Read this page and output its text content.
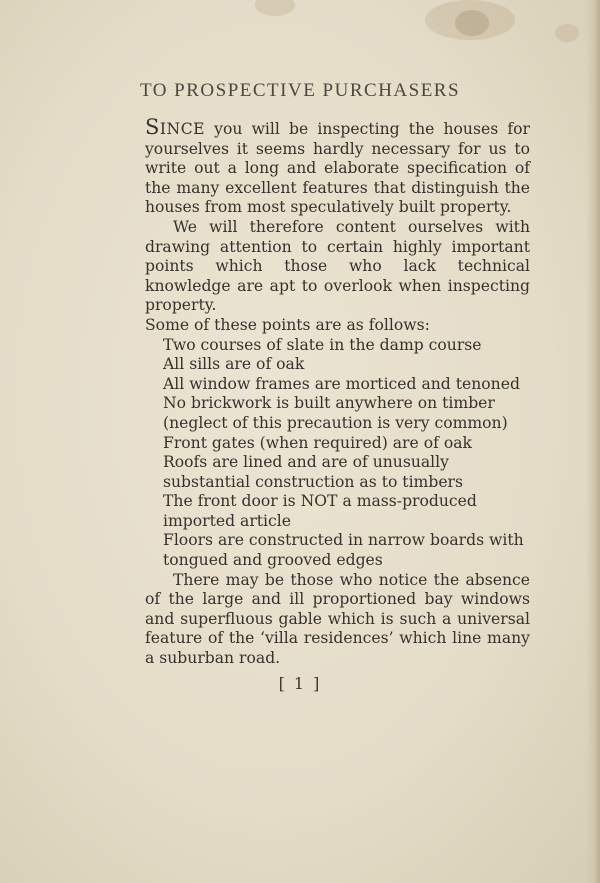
TO PROSPECTIVE PURCHASERS

SINCE you will be inspecting the houses for yourselves it seems hardly necessary for us to write out a long and elaborate specification of the many excellent features that distinguish the houses from most speculatively built property.

We will therefore content ourselves with drawing attention to certain highly important points which those who lack technical knowledge are apt to overlook when inspecting property.

Some of these points are as follows:

Two courses of slate in the damp course
All sills are of oak
All window frames are morticed and tenoned
No brickwork is built anywhere on timber (neglect of this precaution is very common)
Front gates (when required) are of oak
Roofs are lined and are of unusually substantial construction as to timbers
The front door is NOT a mass-produced imported article
Floors are constructed in narrow boards with tongued and grooved edges

There may be those who notice the absence of the large and ill proportioned bay windows and superfluous gable which is such a universal feature of the ‘villa residences’ which line many a suburban road.

[ 1 ]
